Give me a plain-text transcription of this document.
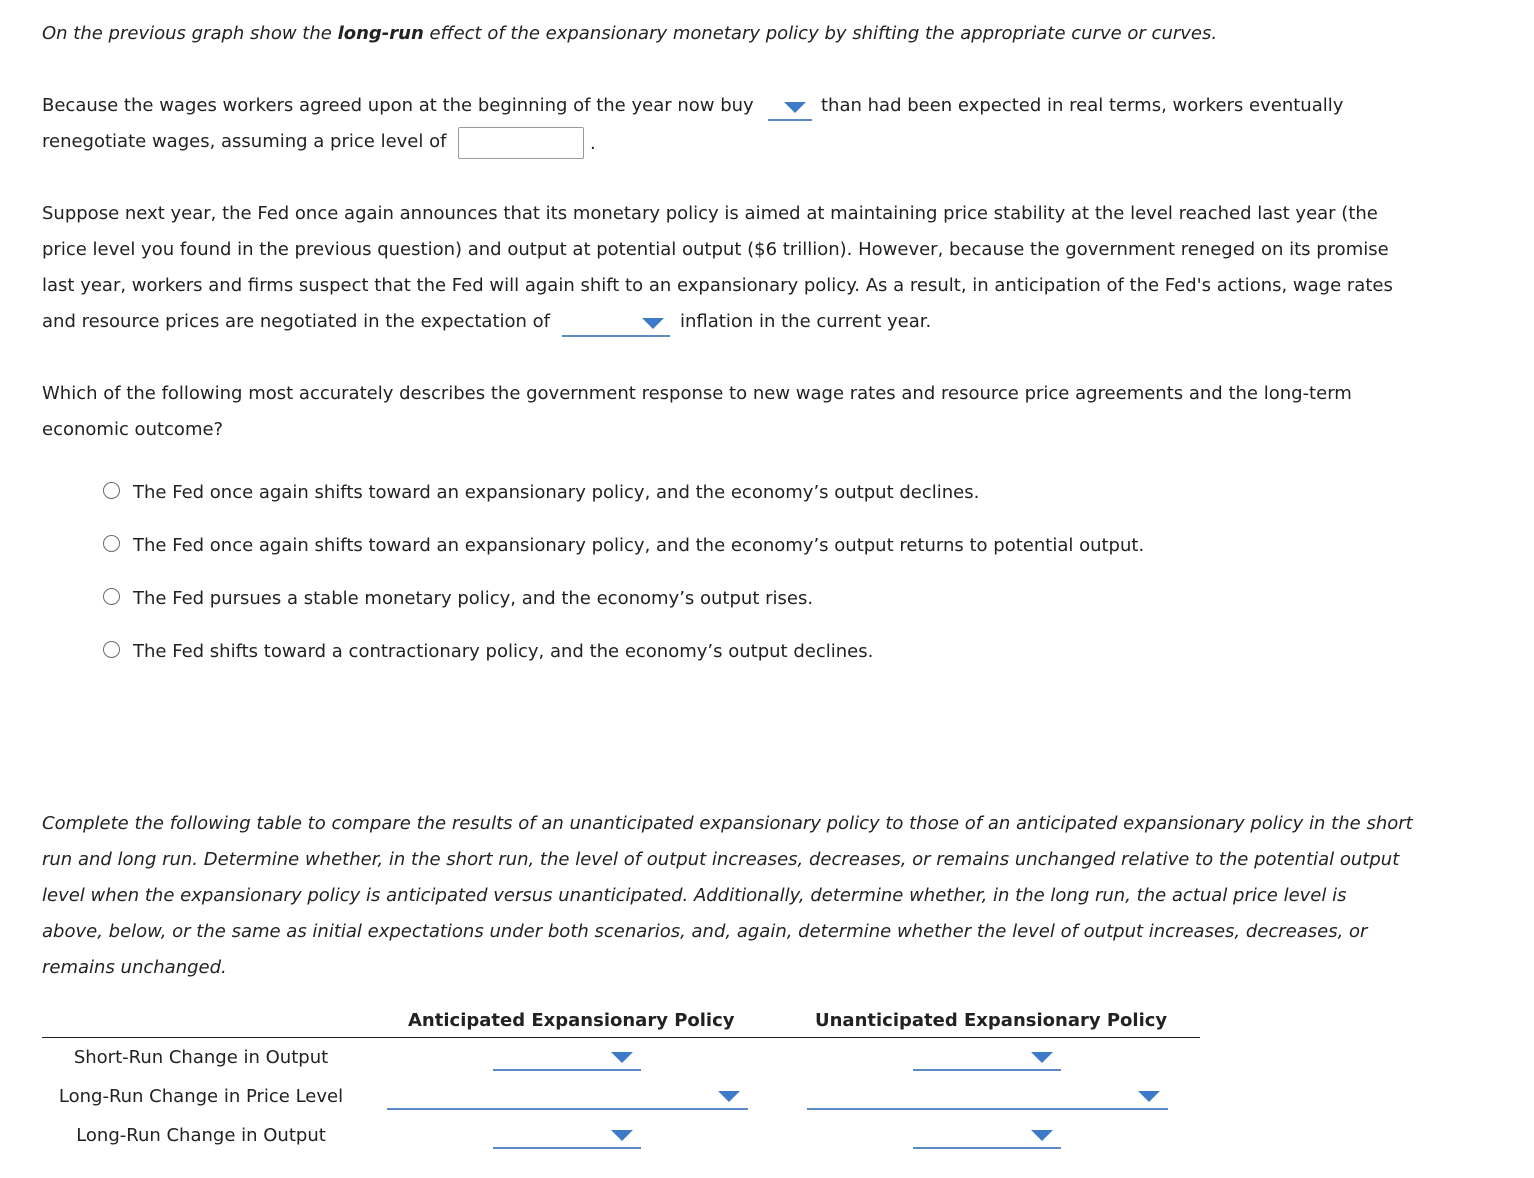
On the previous graph show the long-run effect of the expansionary monetary policy by shifting the appropriate curve or curves.
Because the wages workers agreed upon at the beginning of the year now buy	than had been expected in real terms, workers eventually
renegotiate wages, assuming a price level of	.
Suppose next year, the Fed once again announces that its monetary policy is aimed at maintaining price stability at the level reached last year (the
price level you found in the previous question) and output at potential output ($6 trillion). However, because the government reneged on its promise
last year, workers and firms suspect that the Fed will again shift to an expansionary policy. As a result, in anticipation of the Fed's actions, wage rates
and resource prices are negotiated in the expectation of	inflation in the current year.
Which of the following most accurately describes the government response to new wage rates and resource price agreements and the long-term
economic outcome?
The Fed once again shifts toward an expansionary policy, and the economy’s output declines.
The Fed once again shifts toward an expansionary policy, and the economy’s output returns to potential output.
The Fed pursues a stable monetary policy, and the economy’s output rises.
The Fed shifts toward a contractionary policy, and the economy’s output declines.
Complete the following table to compare the results of an unanticipated expansionary policy to those of an anticipated expansionary policy in the short
run and long run. Determine whether, in the short run, the level of output increases, decreases, or remains unchanged relative to the potential output
level when the expansionary policy is anticipated versus unanticipated. Additionally, determine whether, in the long run, the actual price level is
above, below, or the same as initial expectations under both scenarios, and, again, determine whether the level of output increases, decreases, or
remains unchanged.
Anticipated Expansionary Policy	Unanticipated Expansionary Policy
Short-Run Change in Output
Long-Run Change in Price Level
Long-Run Change in Output
